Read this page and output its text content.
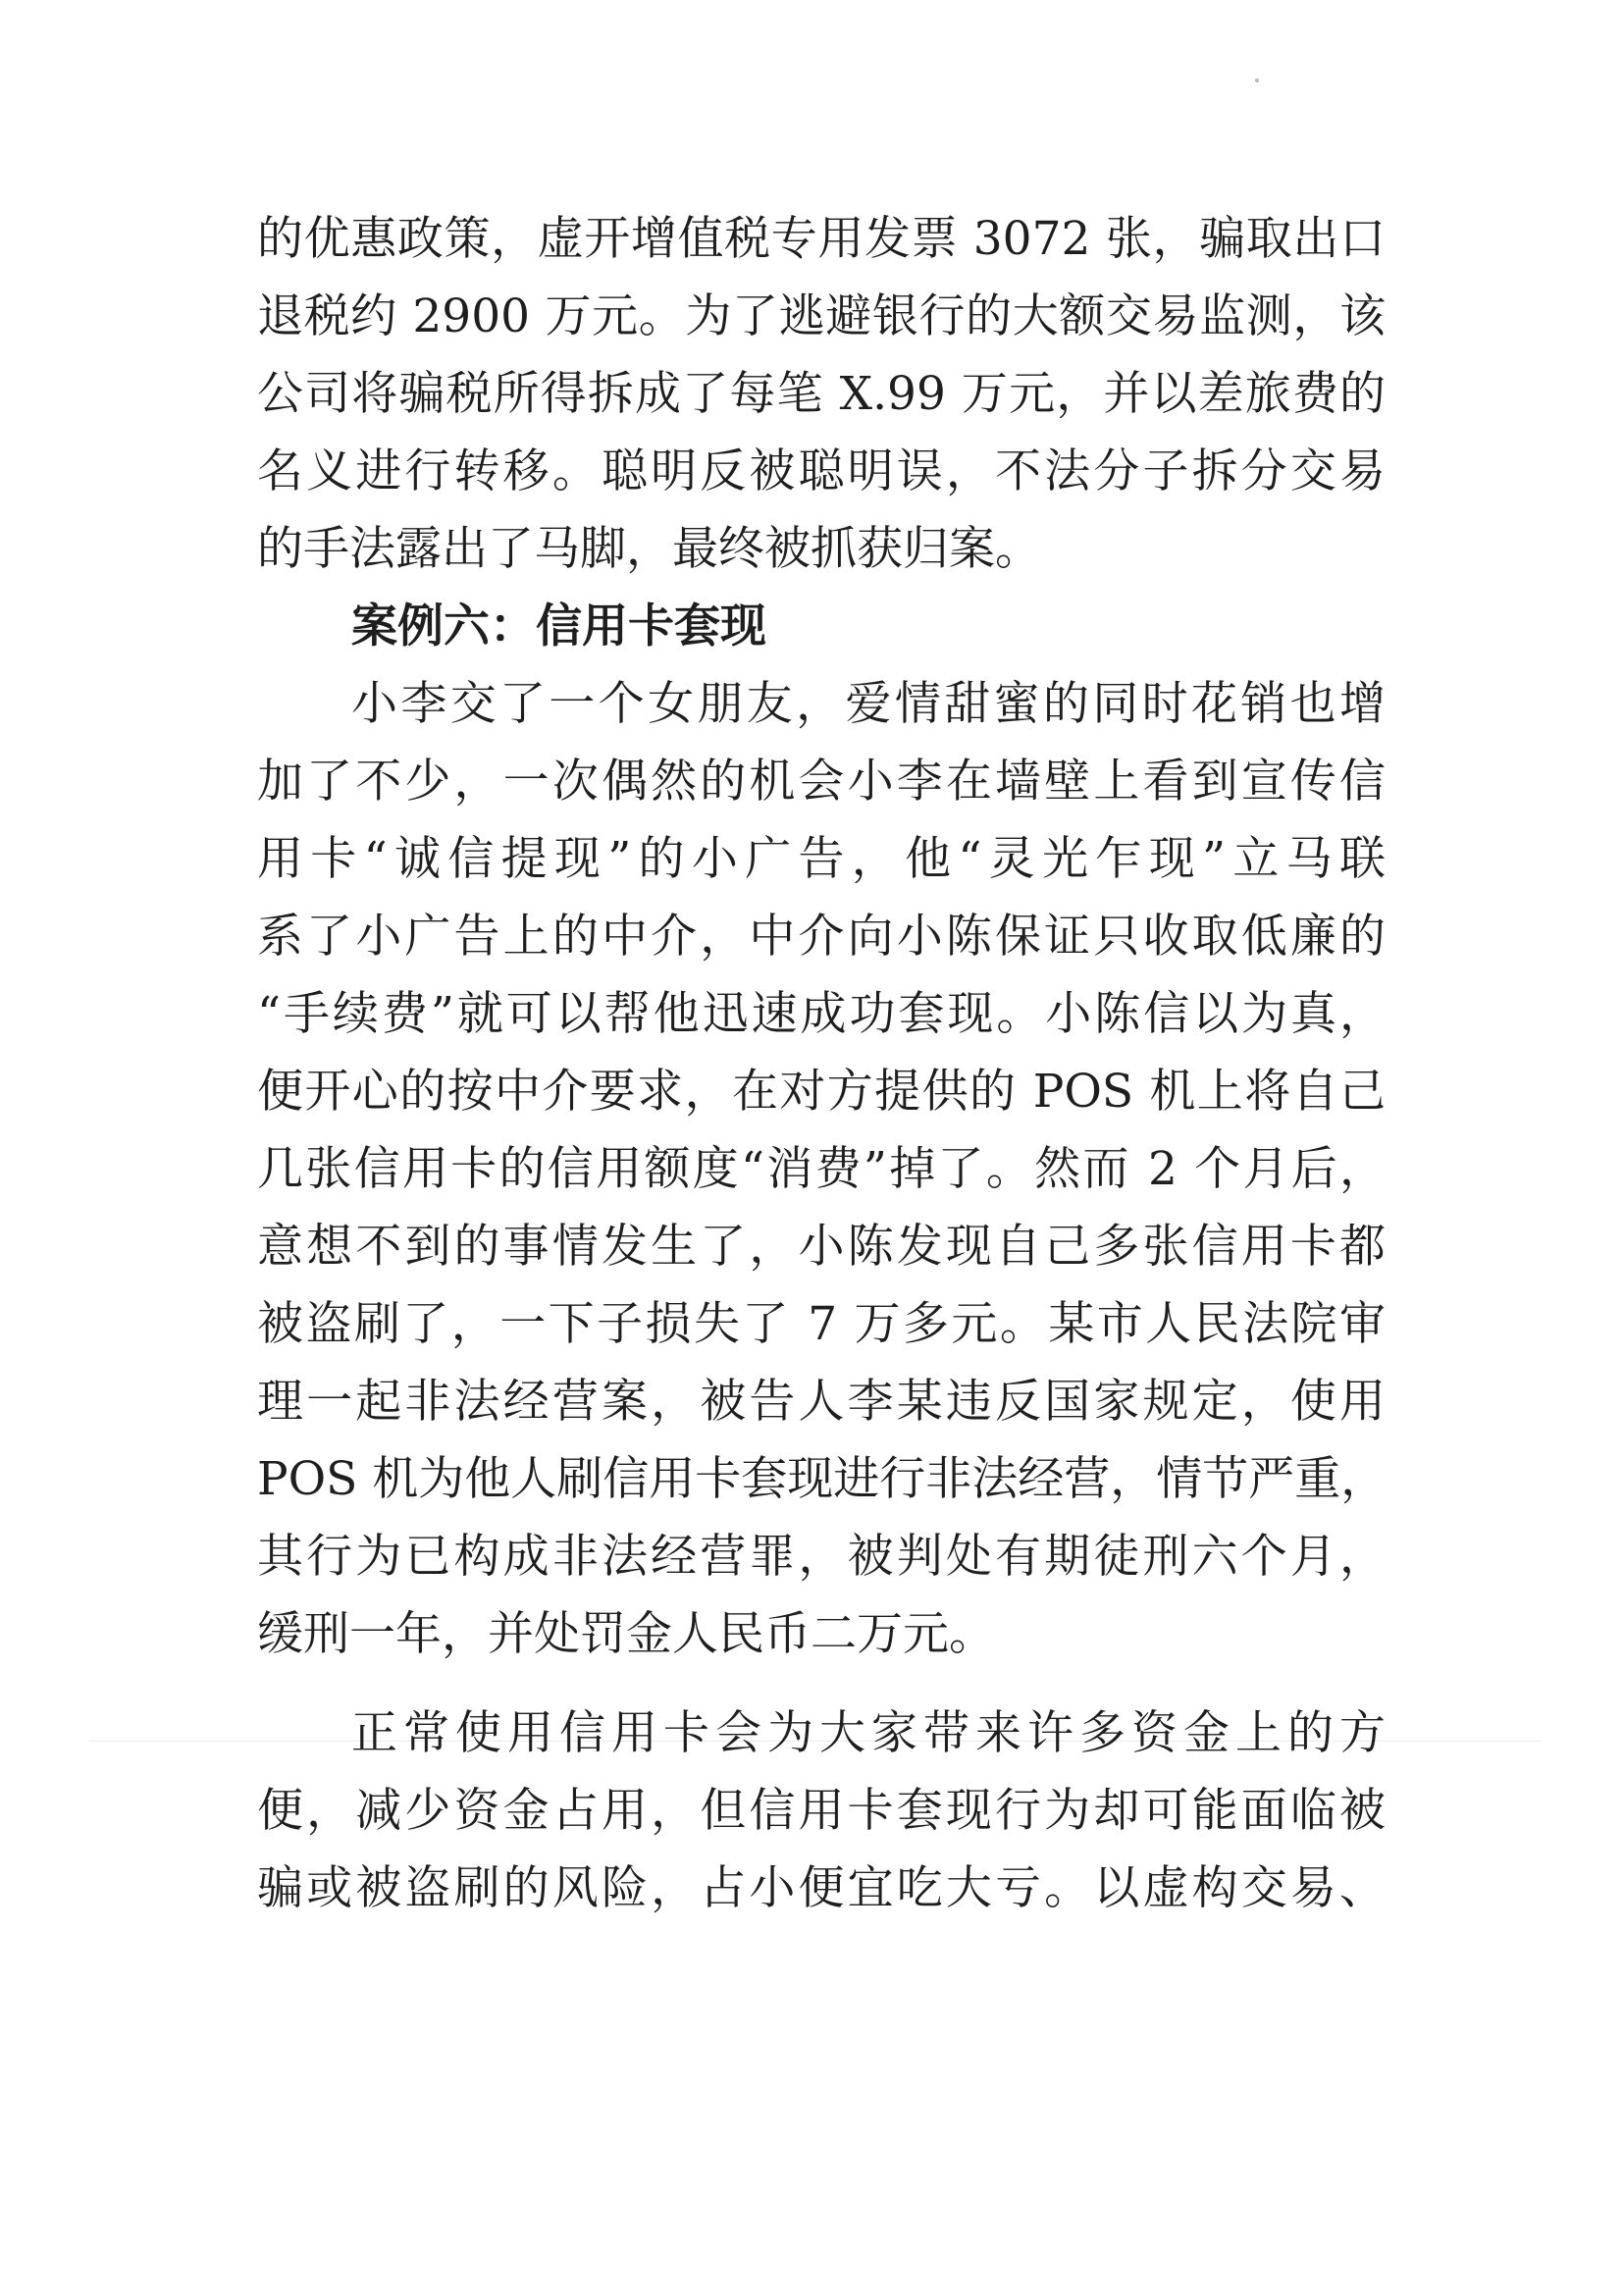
的优惠政策，虚开增值税专用发票 3072 张，骗取出口
退税约 2900 万元。为了逃避银行的大额交易监测，该
公司将骗税所得拆成了每笔 X.99 万元，并以差旅费的
名义进行转移。聪明反被聪明误，不法分子拆分交易
的手法露出了马脚，最终被抓获归案。
案例六：信用卡套现
小李交了一个女朋友，爱情甜蜜的同时花销也增
加了不少，一次偶然的机会小李在墙壁上看到宣传信
用卡“诚信提现”的小广告，他“灵光乍现”立马联
系了小广告上的中介，中介向小陈保证只收取低廉的
“手续费”就可以帮他迅速成功套现。小陈信以为真，
便开心的按中介要求，在对方提供的 POS 机上将自己
几张信用卡的信用额度“消费”掉了。然而 2 个月后，
意想不到的事情发生了，小陈发现自己多张信用卡都
被盗刷了，一下子损失了 7 万多元。某市人民法院审
理一起非法经营案，被告人李某违反国家规定，使用
POS 机为他人刷信用卡套现进行非法经营，情节严重，
其行为已构成非法经营罪，被判处有期徒刑六个月，
缓刑一年，并处罚金人民币二万元。
正常使用信用卡会为大家带来许多资金上的方
便，减少资金占用，但信用卡套现行为却可能面临被
骗或被盗刷的风险，占小便宜吃大亏。以虚构交易、
